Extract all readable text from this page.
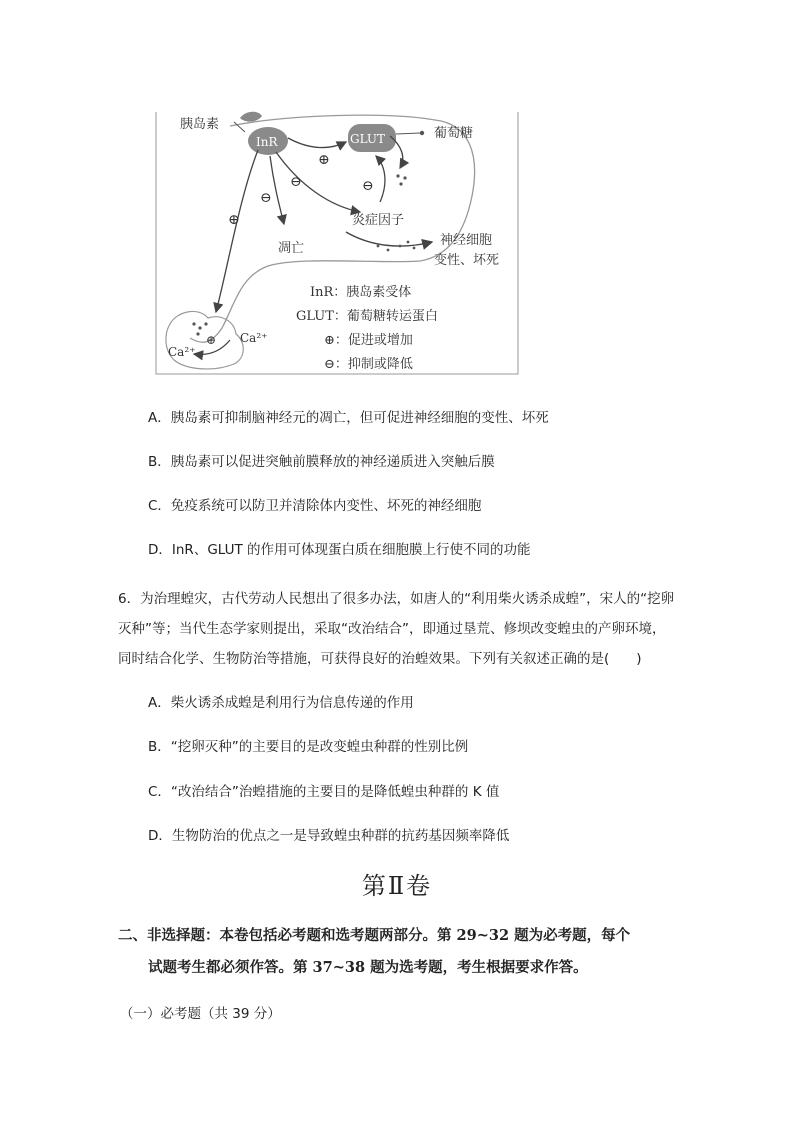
胰岛素
InR	GLUT	葡萄糖
⊕
⊖
炎症因子
⊖
⊖
凋亡
神经细胞
变性、坏死
⊕
⊕ Ca²⁺
Ca²⁺
InR：胰岛素受体
GLUT：葡萄糖转运蛋白
⊕：促进或增加
⊖：抑制或降低
A．胰岛素可抑制脑神经元的凋亡，但可促进神经细胞的变性、坏死
B．胰岛素可以促进突触前膜释放的神经递质进入突触后膜
C．免疫系统可以防卫并清除体内变性、坏死的神经细胞
D．InR、GLUT 的作用可体现蛋白质在细胞膜上行使不同的功能
6．为治理蝗灾，古代劳动人民想出了很多办法，如唐人的“利用柴火诱杀成蝗”，宋人的“挖卵灭种”等；当代生态学家则提出，采取“改治结合”，即通过垦荒、修坝改变蝗虫的产卵环境，同时结合化学、生物防治等措施，可获得良好的治蝗效果。下列有关叙述正确的是(　　)
A．柴火诱杀成蝗是利用行为信息传递的作用
B．“挖卵灭种”的主要目的是改变蝗虫种群的性别比例
C．“改治结合”治蝗措施的主要目的是降低蝗虫种群的 K 值
D．生物防治的优点之一是导致蝗虫种群的抗药基因频率降低
第Ⅱ卷
二、非选择题：本卷包括必考题和选考题两部分。第 29~32 题为必考题，每个
试题考生都必须作答。第 37~38 题为选考题，考生根据要求作答。
（一）必考题（共 39 分）
